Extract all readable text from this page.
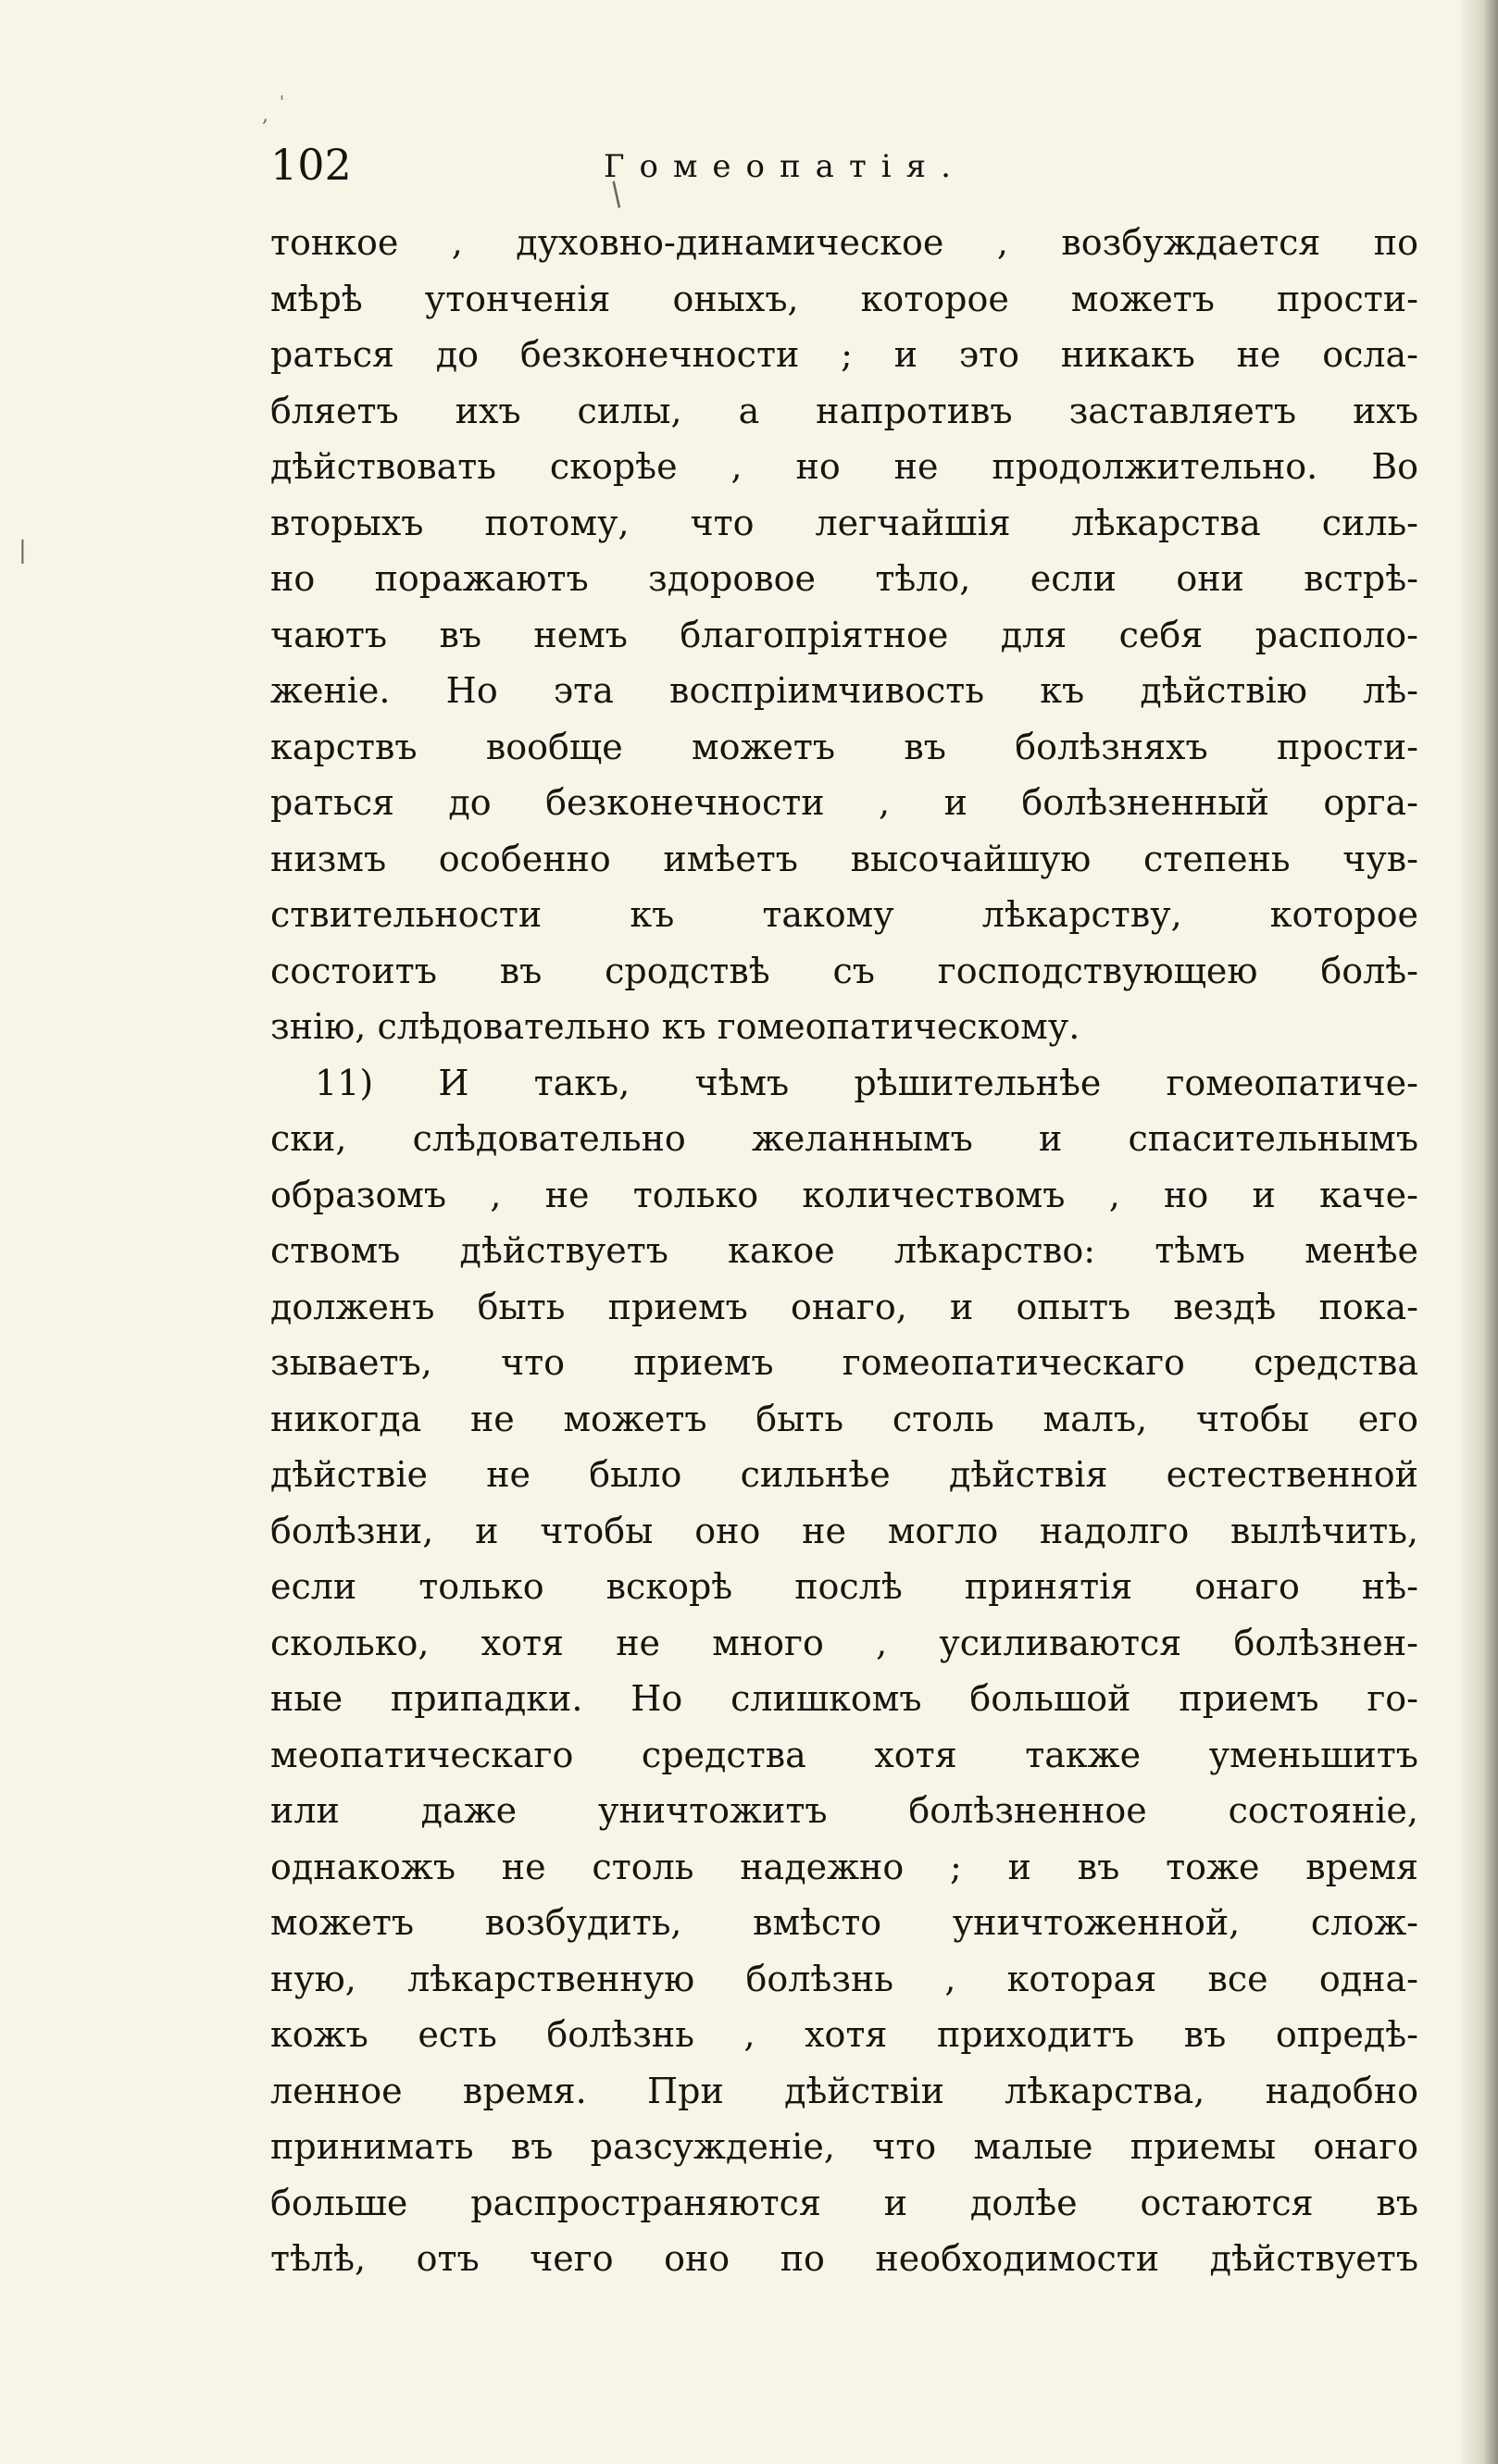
,
'
|
/
102	Гомеопатія.
тонкое , духовно-динамическое , возбуждается по
мѣрѣ утонченія оныхъ, которое можетъ прости-
раться до безконечности ; и это никакъ не осла-
бляетъ ихъ силы, а напротивъ заставляетъ ихъ
дѣйствовать скорѣе , но не продолжительно. Во
вторыхъ потому, что легчайшія лѣкарства силь-
но поражаютъ здоровое тѣло, если они встрѣ-
чаютъ въ немъ благопріятное для себя располо-
женіе. Но эта воспріимчивость къ дѣйствію лѣ-
карствъ вообще можетъ въ болѣзняхъ прости-
раться до безконечности , и болѣзненный орга-
низмъ особенно имѣетъ высочайшую степень чув-
ствительности къ такому лѣкарству, которое
состоитъ въ сродствѣ съ господствующею болѣ-
знію, слѣдовательно къ гомеопатическому.
11) И такъ, чѣмъ рѣшительнѣе гомеопатиче-
ски, слѣдовательно желаннымъ и спасительнымъ
образомъ , не только количествомъ , но и каче-
ствомъ дѣйствуетъ какое лѣкарство: тѣмъ менѣе
долженъ быть приемъ онаго, и опытъ вездѣ пока-
зываетъ, что приемъ гомеопатическаго средства
никогда не можетъ быть столь малъ, чтобы его
дѣйствіе не было сильнѣе дѣйствія естественной
болѣзни, и чтобы оно не могло надолго вылѣчить,
если только вскорѣ послѣ принятія онаго нѣ-
сколько, хотя не много , усиливаются болѣзнен-
ные припадки. Но слишкомъ большой приемъ го-
меопатическаго средства хотя также уменьшитъ
или даже уничтожитъ болѣзненное состояніе,
однакожъ не столь надежно ; и въ тоже время
можетъ возбудить, вмѣсто уничтоженной, слож-
ную, лѣкарственную болѣзнь , которая все одна-
кожъ есть болѣзнь , хотя приходитъ въ опредѣ-
ленное время. При дѣйствіи лѣкарства, надобно
принимать въ разсужденіе, что малые приемы онаго
больше распространяются и долѣе остаются въ
тѣлѣ, отъ чего оно по необходимости дѣйствуетъ
